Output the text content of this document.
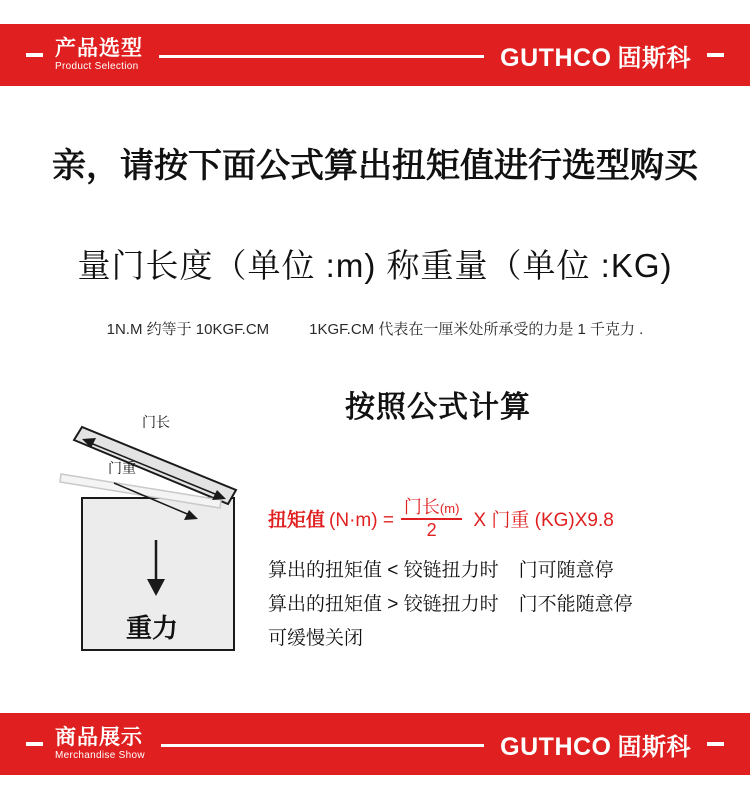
产品选型
Product Selection	GUTHCO 固斯科
亲，请按下面公式算出扭矩值进行选型购买
量门长度（单位 :m) 称重量（单位 :KG)
1N.M 约等于 10KGF.CM	1KGF.CM 代表在一厘米处所承受的力是 1 千克力 .
门长
门重
重力
按照公式计算
扭矩值 $(N\cdot m) = \frac{\text{门长(m)}}{2}$ X 门重 (KG)X9.8
算出的扭矩值 < 铰链扭力时 门可随意停
算出的扭矩值 > 铰链扭力时 门不能随意停
可缓慢关闭
商品展示
Merchandise Show	GUTHCO 固斯科
